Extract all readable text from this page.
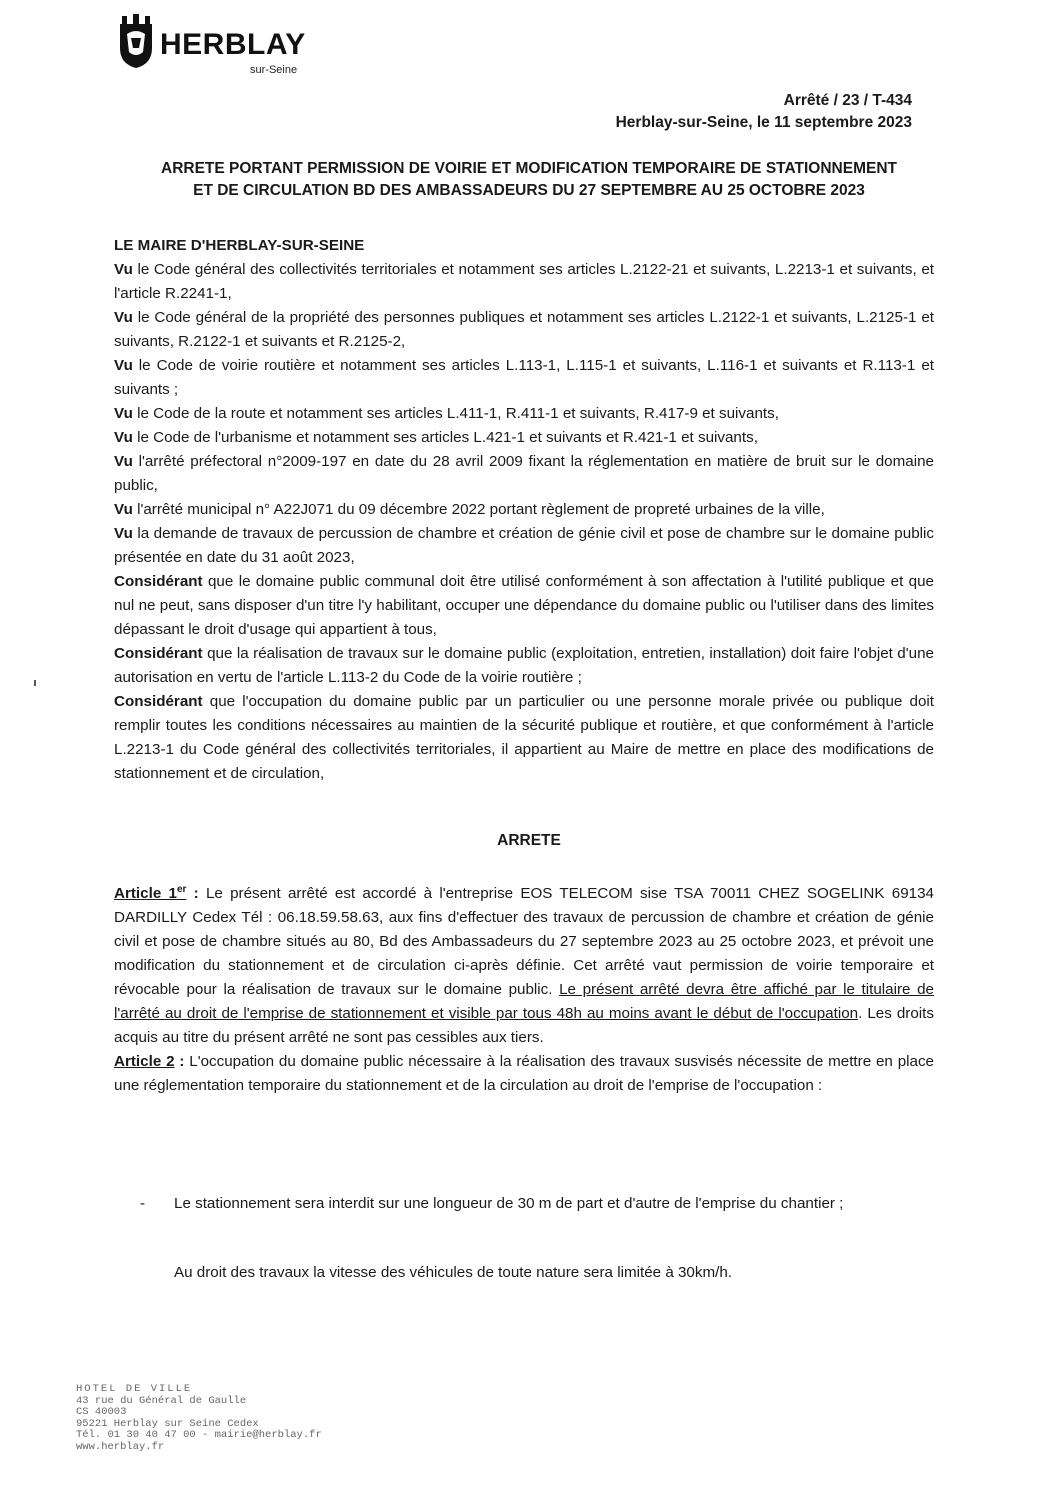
HERBLAY
sur-Seine
Arrêté / 23 / T-434
Herblay-sur-Seine, le 11 septembre 2023
ARRETE PORTANT PERMISSION DE VOIRIE ET MODIFICATION TEMPORAIRE DE STATIONNEMENT
ET DE CIRCULATION BD DES AMBASSADEURS DU 27 SEPTEMBRE AU 25 OCTOBRE 2023

LE MAIRE D'HERBLAY-SUR-SEINE

Vu le Code général des collectivités territoriales et notamment ses articles L.2122-21 et suivants, L.2213-1 et suivants, et l'article R.2241-1,

Vu le Code général de la propriété des personnes publiques et notamment ses articles L.2122-1 et suivants, L.2125-1 et suivants, R.2122-1 et suivants et R.2125-2,

Vu le Code de voirie routière et notamment ses articles L.113-1, L.115-1 et suivants, L.116-1 et suivants et R.113-1 et suivants ;

Vu le Code de la route et notamment ses articles L.411-1, R.411-1 et suivants, R.417-9 et suivants,

Vu le Code de l'urbanisme et notamment ses articles L.421-1 et suivants et R.421-1 et suivants,

Vu l'arrêté préfectoral n°2009-197 en date du 28 avril 2009 fixant la réglementation en matière de bruit sur le domaine public,

Vu l'arrêté municipal n° A22J071 du 09 décembre 2022 portant règlement de propreté urbaines de la ville,

Vu la demande de travaux de percussion de chambre et création de génie civil et pose de chambre sur le domaine public présentée en date du 31 août 2023,

Considérant que le domaine public communal doit être utilisé conformément à son affectation à l'utilité publique et que nul ne peut, sans disposer d'un titre l'y habilitant, occuper une dépendance du domaine public ou l'utiliser dans des limites dépassant le droit d'usage qui appartient à tous,

Considérant que la réalisation de travaux sur le domaine public (exploitation, entretien, installation) doit faire l'objet d'une autorisation en vertu de l'article L.113-2 du Code de la voirie routière ;

Considérant que l'occupation du domaine public par un particulier ou une personne morale privée ou publique doit remplir toutes les conditions nécessaires au maintien de la sécurité publique et routière, et que conformément à l'article L.2213-1 du Code général des collectivités territoriales, il appartient au Maire de mettre en place des modifications de stationnement et de circulation,

ARRETE

Article 1er : Le présent arrêté est accordé à l'entreprise EOS TELECOM sise TSA 70011 CHEZ SOGELINK 69134 DARDILLY Cedex Tél : 06.18.59.58.63, aux fins d'effectuer des travaux de percussion de chambre et création de génie civil et pose de chambre situés au 80, Bd des Ambassadeurs du 27 septembre 2023 au 25 octobre 2023, et prévoit une modification du stationnement et de circulation ci-après définie. Cet arrêté vaut permission de voirie temporaire et révocable pour la réalisation de travaux sur le domaine public. Le présent arrêté devra être affiché par le titulaire de l'arrêté au droit de l'emprise de stationnement et visible par tous 48h au moins avant le début de l'occupation. Les droits acquis au titre du présent arrêté ne sont pas cessibles aux tiers.

Article 2 : L'occupation du domaine public nécessaire à la réalisation des travaux susvisés nécessite de mettre en place une réglementation temporaire du stationnement et de la circulation au droit de l'emprise de l'occupation :

- Le stationnement sera interdit sur une longueur de 30 m de part et d'autre de l'emprise du chantier ;
Au droit des travaux la vitesse des véhicules de toute nature sera limitée à 30km/h.
HOTEL DE VILLE
43 rue du Général de Gaulle
CS 40003
95221 Herblay sur Seine Cedex
Tél. 01 30 40 47 00 - mairie@herblay.fr
www.herblay.fr
